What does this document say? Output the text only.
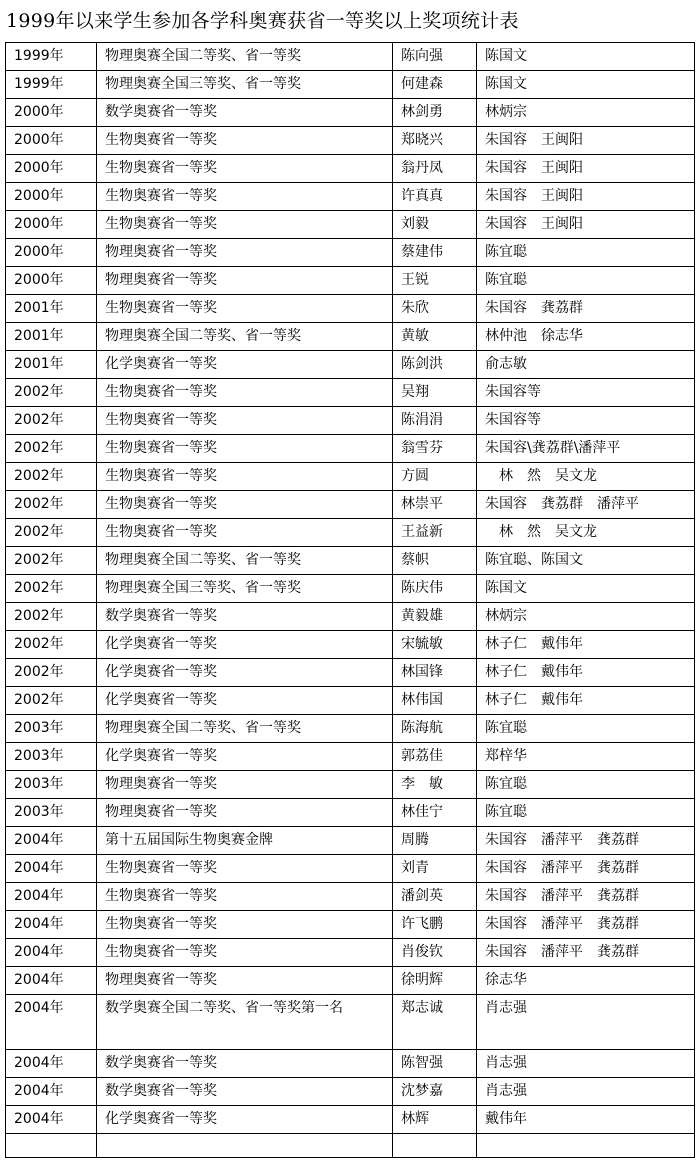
1999年以来学生参加各学科奥赛获省一等奖以上奖项统计表
1999年	物理奥赛全国二等奖、省一等奖	陈向强	陈国文
1999年	物理奥赛全国三等奖、省一等奖	何建森	陈国文
2000年	数学奥赛省一等奖	林剑勇	林炳宗
2000年	生物奥赛省一等奖	郑晓兴	朱国容　王闽阳
2000年	生物奥赛省一等奖	翁丹凤	朱国容　王闽阳
2000年	生物奥赛省一等奖	许真真	朱国容　王闽阳
2000年	生物奥赛省一等奖	刘毅	朱国容　王闽阳
2000年	物理奥赛省一等奖	蔡建伟	陈宜聪
2000年	物理奥赛省一等奖	王锐	陈宜聪
2001年	生物奥赛省一等奖	朱欣	朱国容　龚荔群
2001年	物理奥赛全国二等奖、省一等奖	黄敏	林仲池　徐志华
2001年	化学奥赛省一等奖	陈剑洪	俞志敏
2002年	生物奥赛省一等奖	吴翔	朱国容等
2002年	生物奥赛省一等奖	陈涓涓	朱国容等
2002年	生物奥赛省一等奖	翁雪芬	朱国容\龚荔群\潘萍平
2002年	生物奥赛省一等奖	方圆	　林　然　吴文龙
2002年	生物奥赛省一等奖	林崇平	朱国容　龚荔群　潘萍平
2002年	生物奥赛省一等奖	王益新	　林　然　吴文龙
2002年	物理奥赛全国二等奖、省一等奖	蔡帜	陈宜聪、陈国文
2002年	物理奥赛全国三等奖、省一等奖	陈庆伟	陈国文
2002年	数学奥赛省一等奖	黄毅雄	林炳宗
2002年	化学奥赛省一等奖	宋毓敏	林子仁　戴伟年
2002年	化学奥赛省一等奖	林国锋	林子仁　戴伟年
2002年	化学奥赛省一等奖	林伟国	林子仁　戴伟年
2003年	物理奥赛全国二等奖、省一等奖	陈海航	陈宜聪
2003年	化学奥赛省一等奖	郭荔佳	郑梓华
2003年	物理奥赛省一等奖	李　敏	陈宜聪
2003年	物理奥赛省一等奖	林佳宁	陈宜聪
2004年	第十五届国际生物奥赛金牌	周腾	朱国容　潘萍平　龚荔群
2004年	生物奥赛省一等奖	刘青	朱国容　潘萍平　龚荔群
2004年	生物奥赛省一等奖	潘剑英	朱国容　潘萍平　龚荔群
2004年	生物奥赛省一等奖	许飞鹏	朱国容　潘萍平　龚荔群
2004年	生物奥赛省一等奖	肖俊钦	朱国容　潘萍平　龚荔群
2004年	物理奥赛省一等奖	徐明辉	徐志华
2004年	数学奥赛全国二等奖、省一等奖第一名	郑志诚	肖志强
2004年	数学奥赛省一等奖	陈智强	肖志强
2004年	数学奥赛省一等奖	沈梦嘉	肖志强
2004年	化学奥赛省一等奖	林辉	戴伟年
